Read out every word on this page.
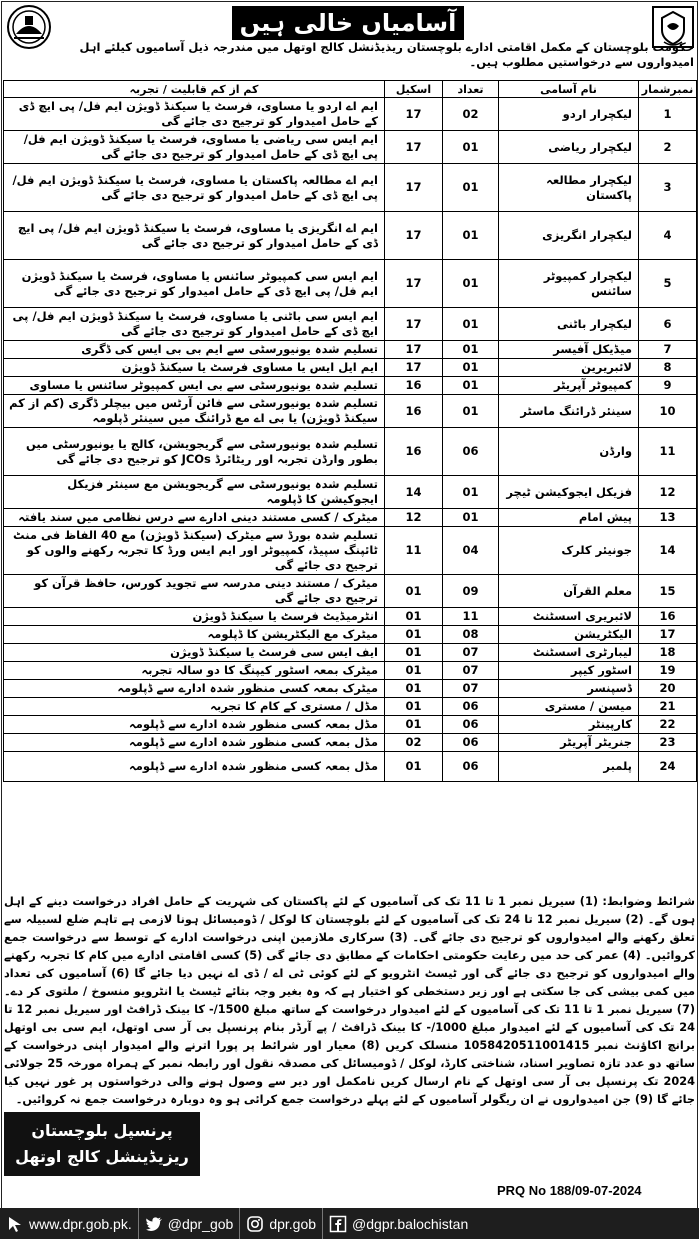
آسامیاں خالی ہیں
حکومت بلوچستان کے مکمل اقامتی ادارے بلوچستان ریذیڈنشل کالج اوتھل میں مندرجہ ذیل آسامیوں کیلئے اہل امیدواروں سے درخواستیں مطلوب ہیں۔
نمبرشمار	نام آسامی	تعداد	اسکیل	کم از کم قابلیت / تجربہ
1	لیکچرار اردو	02	17	ایم اے اردو یا مساوی، فرسٹ یا سیکنڈ ڈویژن ایم فل/ پی ایچ ڈی کے حامل امیدوار کو ترجیح دی جائے گی
2	لیکچرار ریاضی	01	17	ایم ایس سی ریاضی یا مساوی، فرسٹ یا سیکنڈ ڈویژن ایم فل/ پی ایچ ڈی کے حامل امیدوار کو ترجیح دی جائے گی
3	لیکچرار مطالعہ پاکستان	01	17	ایم اے مطالعہ پاکستان یا مساوی، فرسٹ یا سیکنڈ ڈویژن ایم فل/ پی ایچ ڈی کے حامل امیدوار کو ترجیح دی جائے گی
4	لیکچرار انگریزی	01	17	ایم اے انگریزی یا مساوی، فرسٹ یا سیکنڈ ڈویژن ایم فل/ پی ایچ ڈی کے حامل امیدوار کو ترجیح دی جائے گی
5	لیکچرار کمپیوٹر سائنس	01	17	ایم ایس سی کمپیوٹر سائنس یا مساوی، فرسٹ یا سیکنڈ ڈویژن ایم فل/ پی ایچ ڈی کے حامل امیدوار کو ترجیح دی جائے گی
6	لیکچرار باٹنی	01	17	ایم ایس سی باٹنی یا مساوی، فرسٹ یا سیکنڈ ڈویژن ایم فل/ پی ایچ ڈی کے حامل امیدوار کو ترجیح دی جائے گی
7	میڈیکل آفیسر	01	17	تسلیم شدہ یونیورسٹی سے ایم بی بی ایس کی ڈگری
8	لائبریرین	01	17	ایم ایل ایس یا مساوی فرسٹ یا سیکنڈ ڈویژن
9	کمپیوٹر آپریٹر	01	16	تسلیم شدہ یونیورسٹی سے بی ایس کمپیوٹر سائنس یا مساوی
10	سینئر ڈرائنگ ماسٹر	01	16	تسلیم شدہ یونیورسٹی سے فائن آرٹس میں بیچلر ڈگری (کم از کم سیکنڈ ڈویژن) یا بی اے مع ڈرائنگ میں سینئر ڈپلومہ
11	وارڈن	06	16	تسلیم شدہ یونیورسٹی سے گریجویشن، کالج یا یونیورسٹی میں بطور وارڈن تجربہ اور ریٹائرڈ JCOs کو ترجیح دی جائے گی
12	فزیکل ایجوکیشن ٹیچر	01	14	تسلیم شدہ یونیورسٹی سے گریجویشن مع سینئر فزیکل ایجوکیشن کا ڈپلومہ
13	پیش امام	01	12	میٹرک / کسی مستند دینی ادارے سے درس نظامی میں سند یافتہ
14	جونیئر کلرک	04	11	تسلیم شدہ بورڈ سے میٹرک (سیکنڈ ڈویژن) مع 40 الفاظ فی منٹ ٹائپنگ سپیڈ، کمپیوٹر اور ایم ایس ورڈ کا تجربہ رکھنے والوں کو ترجیح دی جائے گی
15	معلم القرآن	09	01	میٹرک / مستند دینی مدرسہ سے تجوید کورس، حافظ قرآن کو ترجیح دی جائے گی
16	لائبریری اسسٹنٹ	11	01	انٹرمیڈیٹ فرسٹ یا سیکنڈ ڈویژن
17	الیکٹریشن	08	01	میٹرک مع الیکٹریشن کا ڈپلومہ
18	لیبارٹری اسسٹنٹ	07	01	ایف ایس سی فرسٹ یا سیکنڈ ڈویژن
19	اسٹور کیپر	07	01	میٹرک بمعہ اسٹور کیپنگ کا دو سالہ تجربہ
20	ڈسپنسر	07	01	میٹرک بمعہ کسی منظور شدہ ادارے سے ڈپلومہ
21	میسن / مستری	06	01	مڈل / مستری کے کام کا تجربہ
22	کارپینٹر	06	01	مڈل بمعہ کسی منظور شدہ ادارے سے ڈپلومہ
23	جنریٹر آپریٹر	06	02	مڈل بمعہ کسی منظور شدہ ادارے سے ڈپلومہ
24	پلمبر	06	01	مڈل بمعہ کسی منظور شدہ ادارے سے ڈپلومہ
شرائط وضوابط: (1) سیریل نمبر 1 تا 11 تک کی آسامیوں کے لئے پاکستان کی شہریت کے حامل افراد درخواست دینے کے اہل ہوں گے۔ (2) سیریل نمبر 12 تا 24 تک کی آسامیوں کے لئے بلوچستان کا لوکل / ڈومیسائل ہونا لازمی ہے تاہم ضلع لسبیلہ سے تعلق رکھنے والے امیدواروں کو ترجیح دی جائے گی۔ (3) سرکاری ملازمین اپنی درخواست ادارے کے توسط سے درخواست جمع کروائیں۔ (4) عمر کی حد میں رعایت حکومتی احکامات کے مطابق دی جائے گی (5) کسی اقامتی ادارے میں کام کا تجربہ رکھنے والے امیدواروں کو ترجیح دی جائے گی اور ٹیسٹ انٹرویو کے لئے کوئی ٹی اے / ڈی اے نہیں دیا جائے گا (6) آسامیوں کی تعداد میں کمی بیشی کی جا سکتی ہے اور زیر دستخطی کو اختیار ہے کہ وہ بغیر وجہ بتائے ٹیسٹ یا انٹرویو منسوخ / ملتوی کر دے۔ (7) سیریل نمبر 1 تا 11 تک کی آسامیوں کے لئے امیدوار درخواست کے ساتھ مبلغ 1500/- کا بینک ڈرافٹ اور سیریل نمبر 12 تا 24 تک کی آسامیوں کے لئے امیدوار مبلغ 1000/- کا بینک ڈرافٹ / پے آرڈر بنام پرنسپل بی آر سی اوتھل، ایم سی بی اوتھل برانچ اکاؤنٹ نمبر 1058420511001415 منسلک کریں (8) معیار اور شرائط پر پورا اترنے والے امیدوار اپنی درخواست کے ساتھ دو عدد تازہ تصاویر اسناد، شناختی کارڈ، لوکل / ڈومیسائل کی مصدقہ نقول اور رابطہ نمبر کے ہمراہ مورخہ 25 جولائی 2024 تک پرنسپل بی آر سی اوتھل کے نام ارسال کریں نامکمل اور دیر سے وصول ہونے والی درخواستوں پر غور نہیں کیا جائے گا (9) جن امیدواروں نے ان ریگولر آسامیوں کے لئے پہلے درخواست جمع کرائی ہو وہ دوبارہ درخواست جمع نہ کروائیں۔
پرنسپل بلوچستان
ریزیڈینشل کالج اوتھل
PRQ No 188/09-07-2024
www.dpr.gob.pk.	@dpr_gob	dpr.gob	@dgpr.balochistan
